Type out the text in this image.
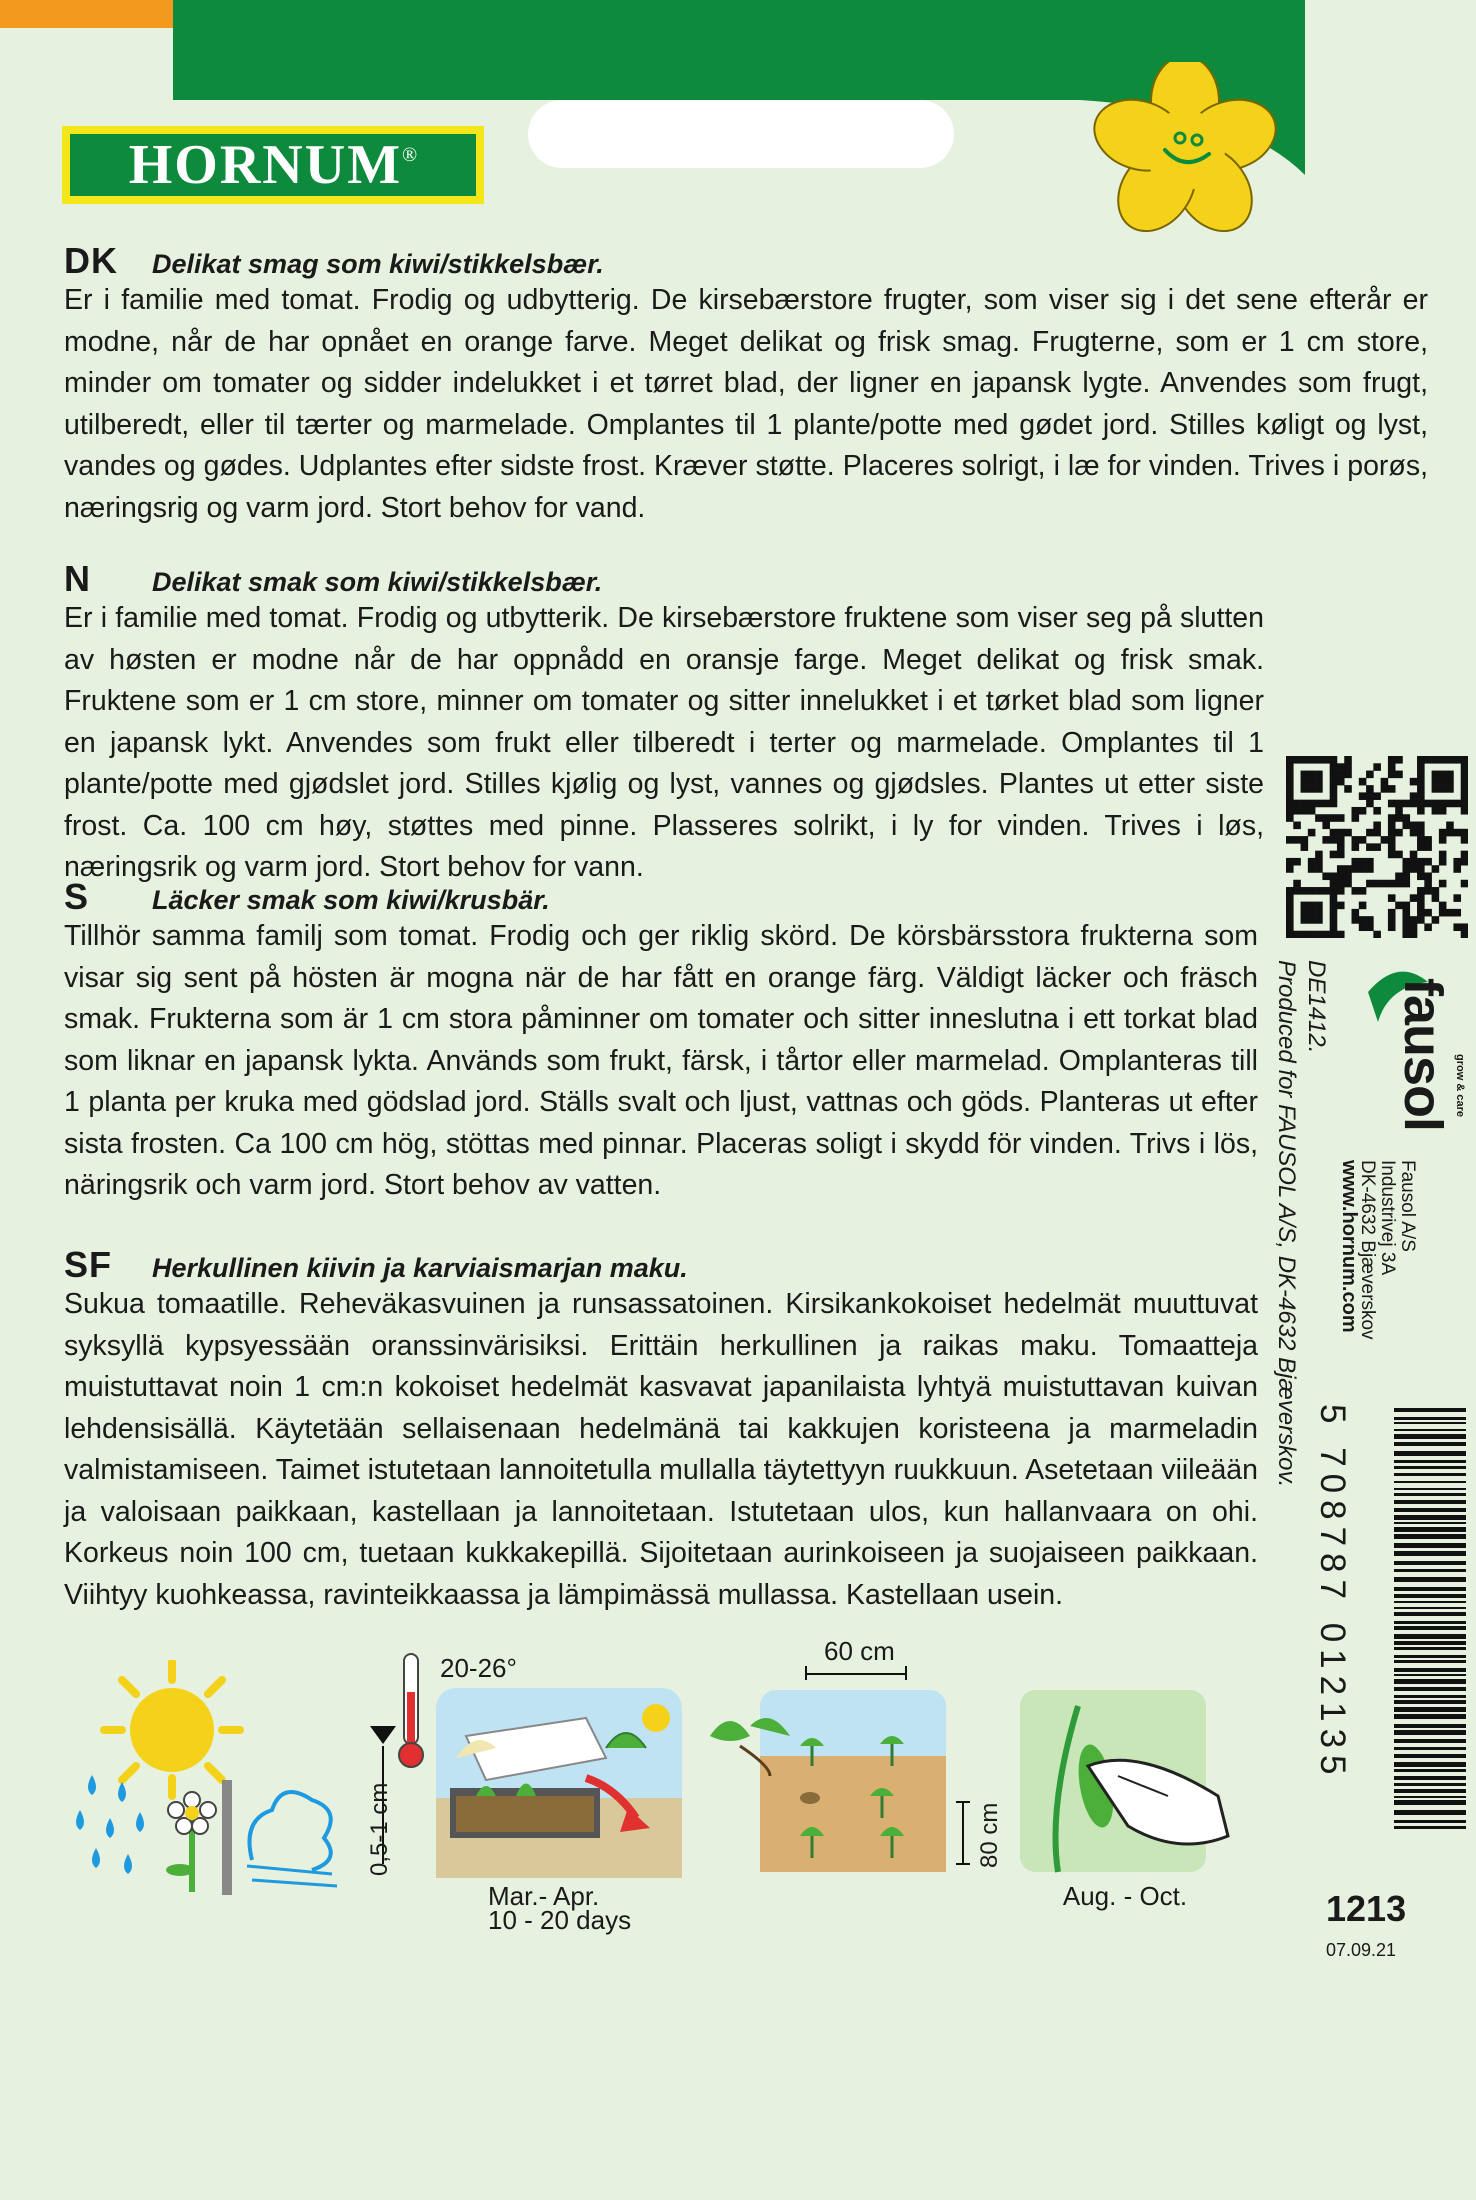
HORNUM ®
DK	Delikat smag som kiwi/stikkelsbær.

Er i familie med tomat. Frodig og udbytterig. De kirsebærstore frugter, som viser sig i det sene efterår er modne, når de har opnået en orange farve. Meget delikat og frisk smag. Frugterne, som er 1 cm store, minder om tomater og sidder indelukket i et tørret blad, der ligner en japansk lygte. Anvendes som frugt, utilberedt, eller til tærter og marmelade. Omplantes til 1 plante/potte med gødet jord. Stilles køligt og lyst, vandes og gødes. Udplantes efter sidste frost. Kræver støtte. Placeres solrigt, i læ for vinden. Trives i porøs, næringsrig og varm jord. Stort behov for vand.

N	Delikat smak som kiwi/stikkelsbær.

Er i familie med tomat. Frodig og utbytterik. De kirsebærstore fruktene som viser seg på slutten av høsten er modne når de har oppnådd en oransje farge. Meget delikat og frisk smak. Fruktene som er 1 cm store, minner om tomater og sitter innelukket i et tørket blad som ligner en japansk lykt. Anvendes som frukt eller tilberedt i terter og marmelade. Omplantes til 1 plante/potte med gjødslet jord. Stilles kjølig og lyst, vannes og gjødsles. Plantes ut etter siste frost. Ca. 100 cm høy, støttes med pinne. Plasseres solrikt, i ly for vinden. Trives i løs, næringsrik og varm jord. Stort behov for vann.

S	Läcker smak som kiwi/krusbär.

Tillhör samma familj som tomat. Frodig och ger riklig skörd. De körsbärsstora frukterna som visar sig sent på hösten är mogna när de har fått en orange färg. Väldigt läcker och fräsch smak. Frukterna som är 1 cm stora påminner om tomater och sitter inneslutna i ett torkat blad som liknar en japansk lykta. Används som frukt, färsk, i tårtor eller marmelad. Omplanteras till 1 planta per kruka med gödslad jord. Ställs svalt och ljust, vattnas och göds. Planteras ut efter sista frosten. Ca 100 cm hög, stöttas med pinnar. Placeras soligt i skydd för vinden. Trivs i lös, näringsrik och varm jord. Stort behov av vatten.

SF	Herkullinen kiivin ja karviaismarjan maku.

Sukua tomaatille. Reheväkasvuinen ja runsassatoinen. Kirsikankokoiset hedelmät muuttuvat syksyllä kypsyessään oranssinvärisiksi. Erittäin herkullinen ja raikas maku. Tomaatteja muistuttavat noin 1 cm:n kokoiset hedelmät kasvavat japanilaista lyhtyä muistuttavan kuivan lehdensisällä. Käytetään sellaisenaan hedelmänä tai kakkujen koristeena ja marmeladin valmistamiseen. Taimet istutetaan lannoitetulla mullalla täytettyyn ruukkuun. Asetetaan viileään ja valoisaan paikkaan, kastellaan ja lannoitetaan. Istutetaan ulos, kun hallanvaara on ohi. Korkeus noin 100 cm, tuetaan kukkakepillä. Sijoitetaan aurinkoiseen ja suojaiseen paikkaan. Viihtyy kuohkeassa, ravinteikkaassa ja lämpimässä mullassa. Kastellaan usein.

DE1412.
Produced for FAUSOL A/S, DK-4632 Bjæverskov. fausol grow & care
Fausol A/S
Industrivej 3A
DK-4632 Bjæverskov
www.hornum.com
5 708787 012135
1213
07.09.21
20-26°
0,5-1 cm
Mar.- Apr.
10 - 20 days
60 cm
80 cm
Aug. - Oct.
